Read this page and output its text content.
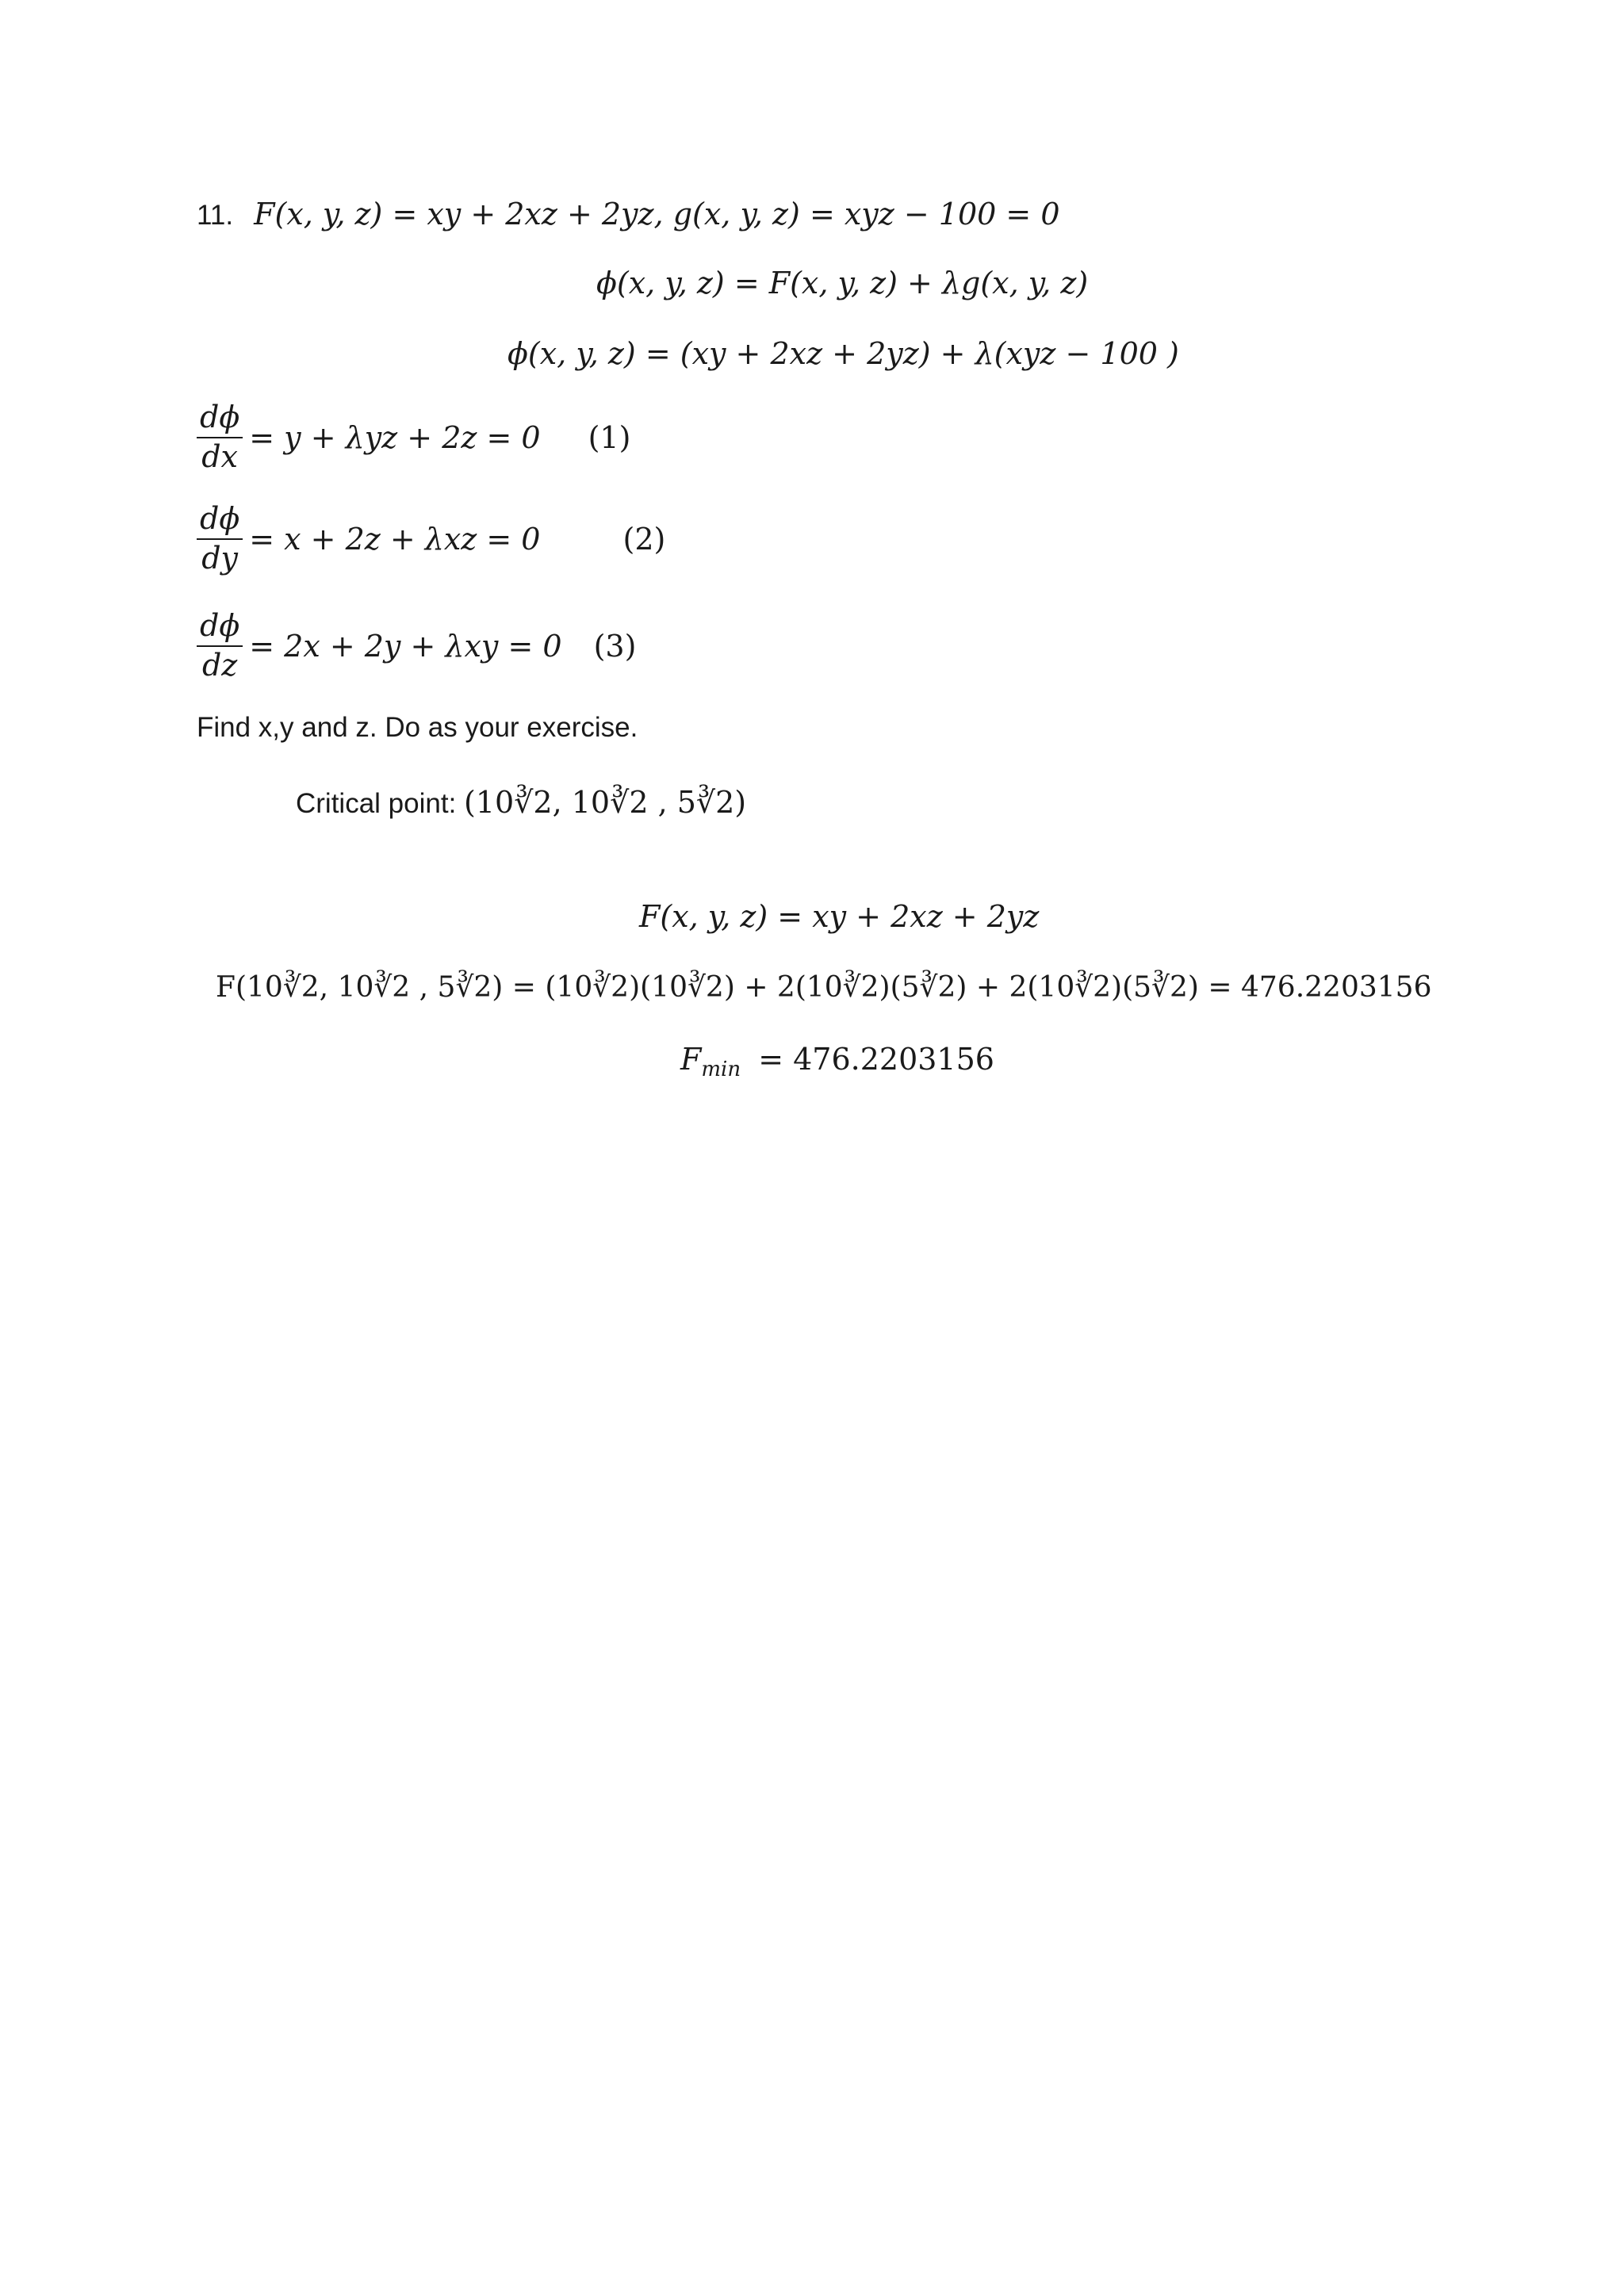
11. F(x, y, z) = xy + 2xz + 2yz, g(x, y, z) = xyz − 100 = 0
ϕ(x, y, z) = F(x, y, z) + λg(x, y, z)
ϕ(x, y, z) = (xy + 2xz + 2yz) + λ(xyz − 100 )
$\frac{d\phi}{dx} = y + \lambda yz + 2z = 0$ (1)
$\frac{d\phi}{dy} = x + 2z + \lambda xz = 0$	(2)
$\frac{d\phi}{dz} = 2x + 2y + \lambda xy = 0$ (3)
Find x,y and z. Do as your exercise.
Critical point: (10∛2, 10∛2 , 5∛2)
F(x, y, z) = xy + 2xz + 2yz
F(10∛2, 10∛2 , 5∛2) = (10∛2)(10∛2) + 2(10∛2)(5∛2) + 2(10∛2)(5∛2) = 476.2203156
$F_{min} = 476.2203156$
